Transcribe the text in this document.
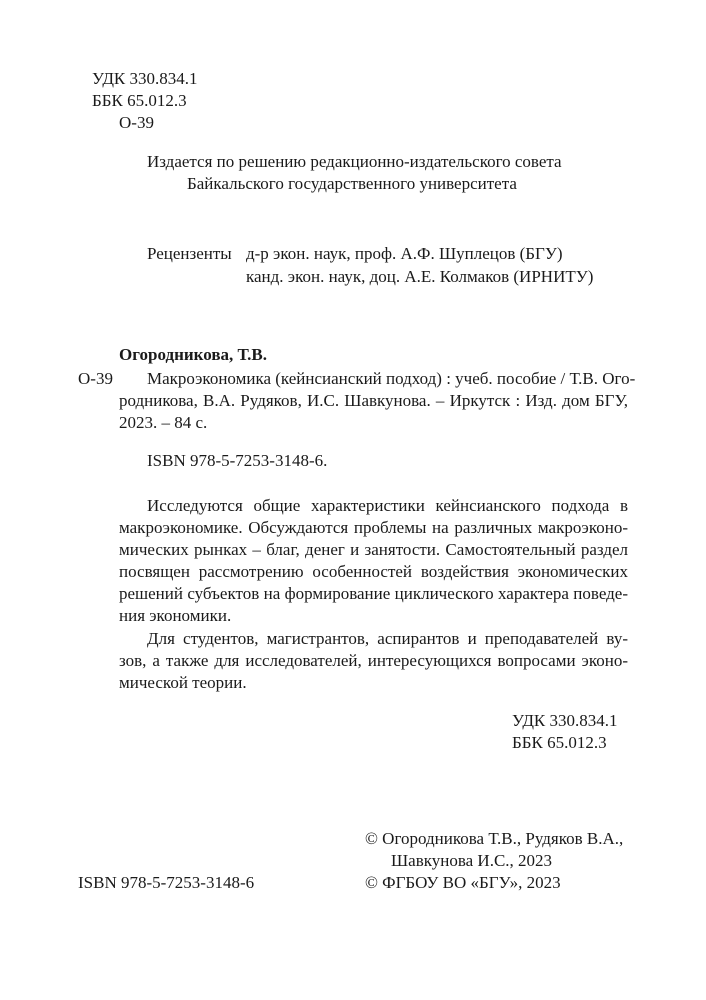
УДК 330.834.1
ББК 65.012.3
О-39
Издается по решению редакционно-издательского совета
Байкальского государственного университета
Рецензенты д-р экон. наук, проф. А.Ф. Шуплецов (БГУ)
канд. экон. наук, доц. А.Е. Колмаков (ИРНИТУ)
Огородникова, Т.В.
О-39 Макроэкономика (кейнсианский подход) : учеб. пособие / Т.В. Ого-
родникова, В.А. Рудяков, И.С. Шавкунова. – Иркутск : Изд. дом БГУ,
2023. – 84 с.
ISBN 978-5-7253-3148-6.
Исследуются общие характеристики кейнсианского подхода в
макроэкономике. Обсуждаются проблемы на различных макроэконо-
мических рынках – благ, денег и занятости. Самостоятельный раздел
посвящен рассмотрению особенностей воздействия экономических
решений субъектов на формирование циклического характера поведе-
ния экономики.
Для студентов, магистрантов, аспирантов и преподавателей ву-
зов, а также для исследователей, интересующихся вопросами эконо-
мической теории.
УДК 330.834.1
ББК 65.012.3
© Огородникова Т.В., Рудяков В.А.,
Шавкунова И.С., 2023
© ФГБОУ ВО «БГУ», 2023
ISBN 978-5-7253-3148-6
